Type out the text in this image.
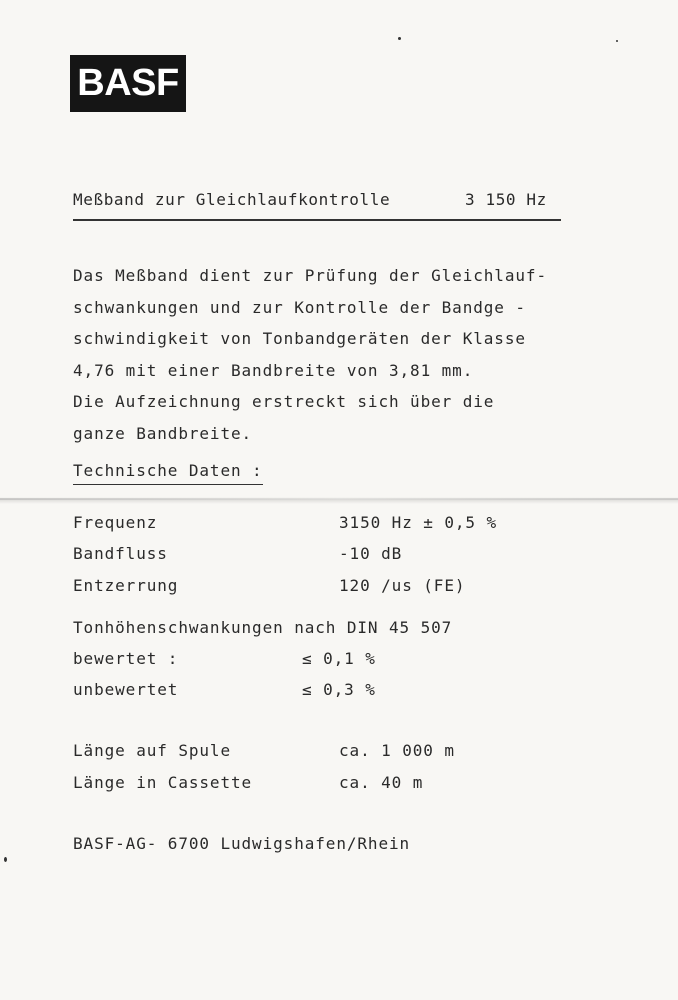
BASF
Meßband zur Gleichlaufkontrolle	3 150 Hz
Das Meßband dient zur Prüfung der Gleichlauf-
schwankungen und zur Kontrolle der Bandge -
schwindigkeit von Tonbandgeräten der Klasse
4,76 mit einer Bandbreite von 3,81 mm.
Die Aufzeichnung erstreckt sich über die
ganze Bandbreite.
Technische Daten :
Frequenz	3150 Hz ± 0,5 %
Bandfluss	-10 dB
Entzerrung	120 /us (FE)
Tonhöhenschwankungen nach DIN 45 507
bewertet :	≤ 0,1 %
unbewertet	≤ 0,3 %
Länge auf Spule	ca. 1 000 m
Länge in Cassette	ca. 40 m
BASF-AG- 6700 Ludwigshafen/Rhein
